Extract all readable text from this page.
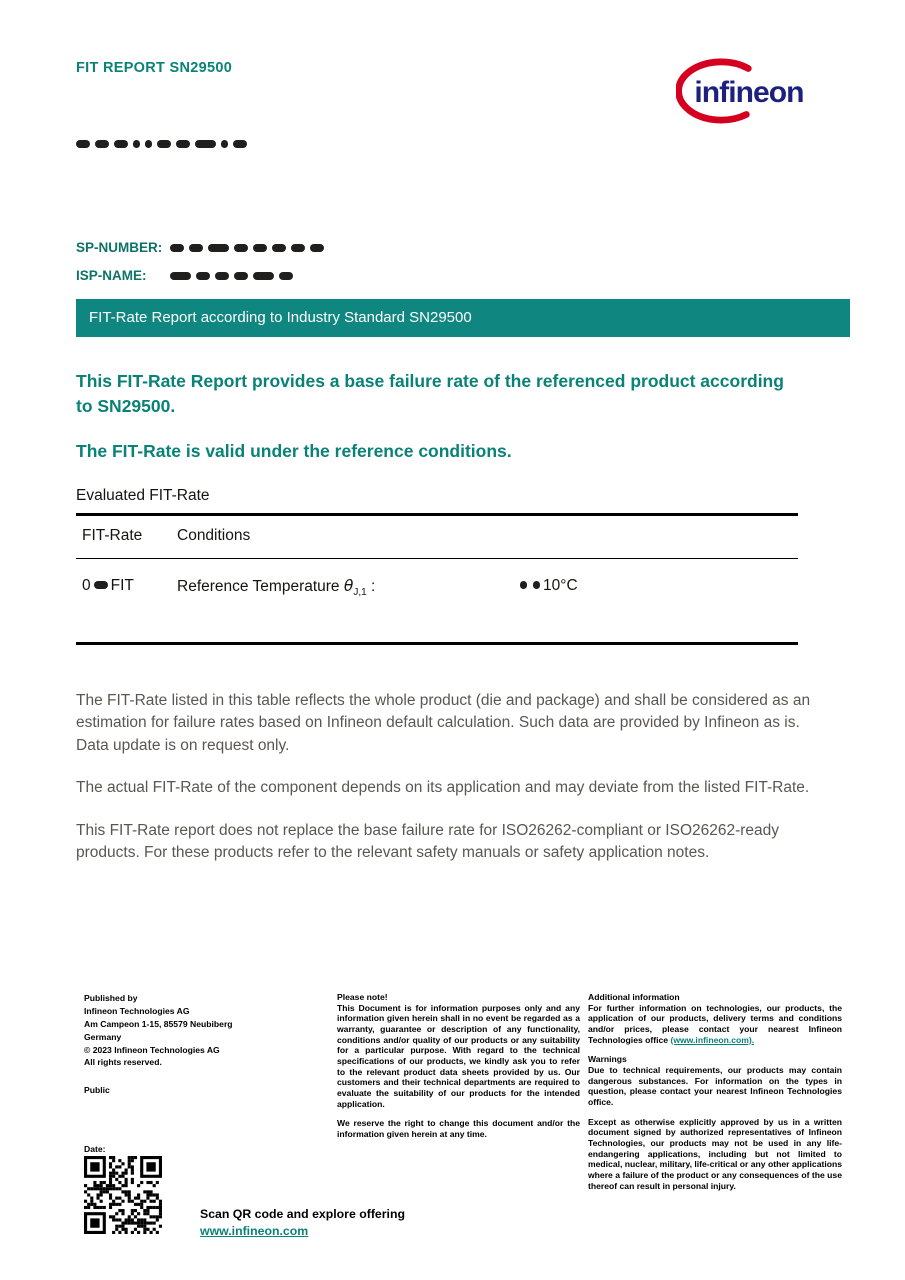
FIT REPORT SN29500
infineon
SP-NUMBER:
ISP-NAME:
FIT-Rate Report according to Industry Standard SN29500
This FIT-Rate Report provides a base failure rate of the referenced product according to SN29500.
The FIT-Rate is valid under the reference conditions.
Evaluated FIT-Rate
FIT-Rate Conditions
0 FIT	Reference Temperature $\theta_{J,1}$ :	10°C

The FIT-Rate listed in this table reflects the whole product (die and package) and shall be considered as an estimation for failure rates based on Infineon default calculation. Such data are provided by Infineon as is. Data update is on request only.

The actual FIT-Rate of the component depends on its application and may deviate from the listed FIT-Rate.

This FIT-Rate report does not replace the base failure rate for ISO26262-compliant or ISO26262-ready products. For these products refer to the relevant safety manuals or safety application notes.

Published by
Infineon Technologies AG
Am Campeon 1-15, 85579 Neubiberg
Germany
© 2023 Infineon Technologies AG
All rights reserved.
Public
Please note!

This Document is for information purposes only and any information given herein shall in no event be regarded as a warranty, guarantee or description of any functionality, conditions and/or quality of our products or any suitability for a particular purpose. With regard to the technical specifications of our products, we kindly ask you to refer to the relevant product data sheets provided by us. Our customers and their technical departments are required to evaluate the suitability of our products for the intended application.

We reserve the right to change this document and/or the information given herein at any time.

Additional information

For further information on technologies, our products, the application of our products, delivery terms and conditions and/or prices, please contact your nearest Infineon Technologies office (www.infineon.com).

Warnings

Due to technical requirements, our products may contain dangerous substances. For information on the types in question, please contact your nearest Infineon Technologies office.

Except as otherwise explicitly approved by us in a written document signed by authorized representatives of Infineon Technologies, our products may not be used in any life-endangering applications, including but not limited to medical, nuclear, military, life-critical or any other applications where a failure of the product or any consequences of the use thereof can result in personal injury.

Date:
Scan QR code and explore offering
www.infineon.com
